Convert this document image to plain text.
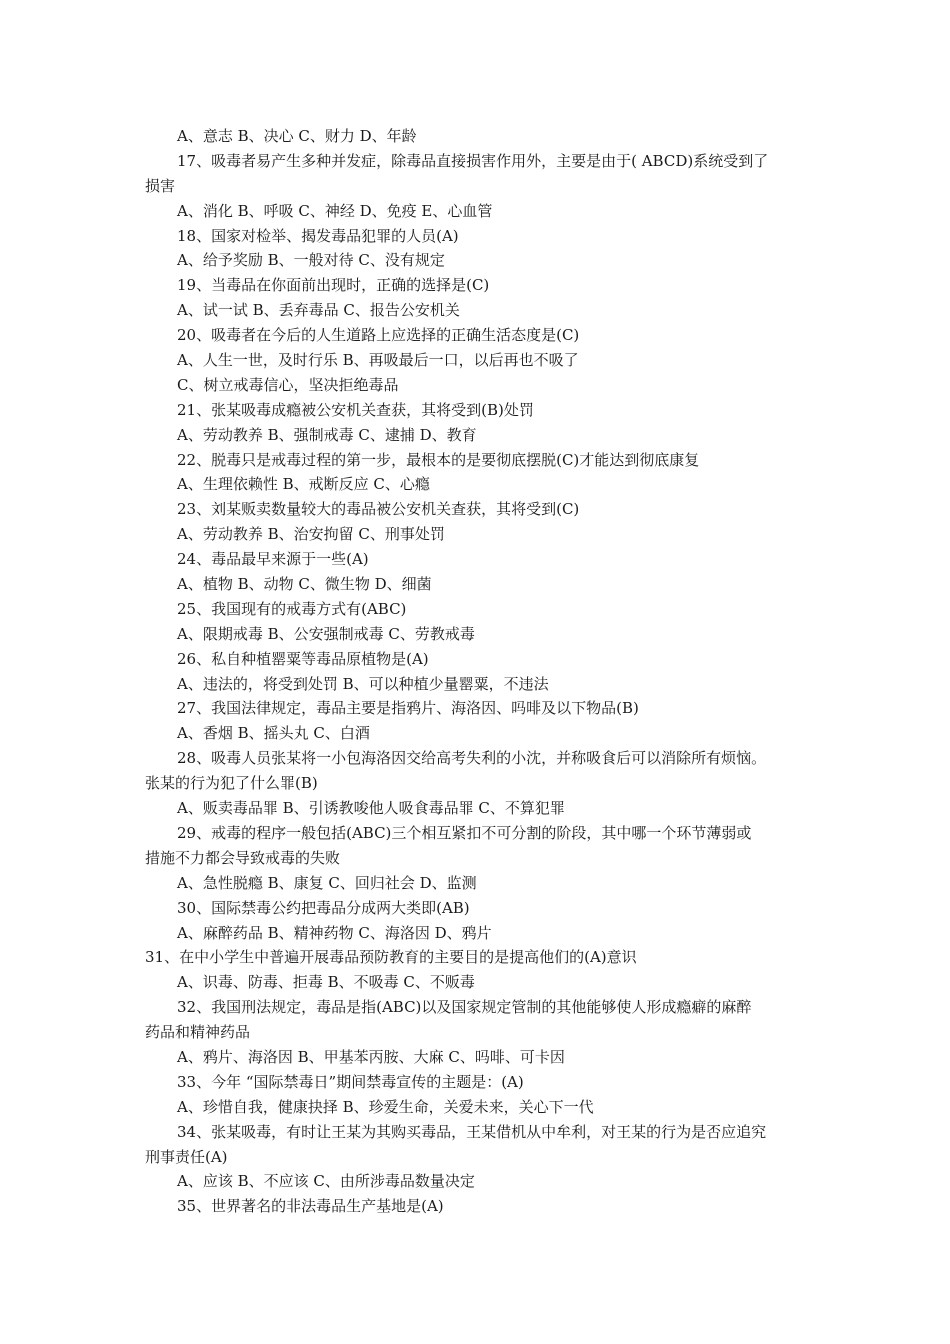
A、意志 B、决心 C、财力 D、年龄
17、吸毒者易产生多种并发症，除毒品直接损害作用外，主要是由于( ABCD)系统受到了
损害
A、消化 B、呼吸 C、神经 D、免疫 E、心血管
18、国家对检举、揭发毒品犯罪的人员(A)
A、给予奖励 B、一般对待 C、没有规定
19、当毒品在你面前出现时，正确的选择是(C)
A、试一试 B、丢弃毒品 C、报告公安机关
20、吸毒者在今后的人生道路上应选择的正确生活态度是(C)
A、人生一世，及时行乐 B、再吸最后一口，以后再也不吸了
C、树立戒毒信心，坚决拒绝毒品
21、张某吸毒成瘾被公安机关查获，其将受到(B)处罚
A、劳动教养 B、强制戒毒 C、逮捕 D、教育
22、脱毒只是戒毒过程的第一步，最根本的是要彻底摆脱(C)才能达到彻底康复
A、生理依赖性 B、戒断反应 C、心瘾
23、刘某贩卖数量较大的毒品被公安机关查获，其将受到(C)
A、劳动教养 B、治安拘留 C、刑事处罚
24、毒品最早来源于一些(A)
A、植物 B、动物 C、微生物 D、细菌
25、我国现有的戒毒方式有(ABC)
A、限期戒毒 B、公安强制戒毒 C、劳教戒毒
26、私自种植罂粟等毒品原植物是(A)
A、违法的，将受到处罚 B、可以种植少量罂粟，不违法
27、我国法律规定，毒品主要是指鸦片、海洛因、吗啡及以下物品(B)
A、香烟 B、摇头丸 C、白酒
28、吸毒人员张某将一小包海洛因交给高考失利的小沈，并称吸食后可以消除所有烦恼。
张某的行为犯了什么罪(B)
A、贩卖毒品罪 B、引诱教唆他人吸食毒品罪 C、不算犯罪
29、戒毒的程序一般包括(ABC)三个相互紧扣不可分割的阶段，其中哪一个环节薄弱或
措施不力都会导致戒毒的失败
A、急性脱瘾 B、康复 C、回归社会 D、监测
30、国际禁毒公约把毒品分成两大类即(AB)
A、麻醉药品 B、精神药物 C、海洛因 D、鸦片
31、在中小学生中普遍开展毒品预防教育的主要目的是提高他们的(A)意识
A、识毒、防毒、拒毒 B、不吸毒 C、不贩毒
32、我国刑法规定，毒品是指(ABC)以及国家规定管制的其他能够使人形成瘾癖的麻醉
药品和精神药品
A、鸦片、海洛因 B、甲基苯丙胺、大麻 C、吗啡、可卡因
33、今年 “国际禁毒日”期间禁毒宣传的主题是：(A)
A、珍惜自我，健康抉择 B、珍爱生命，关爱未来，关心下一代
34、张某吸毒，有时让王某为其购买毒品，王某借机从中牟利，对王某的行为是否应追究
刑事责任(A)
A、应该 B、不应该 C、由所涉毒品数量决定
35、世界著名的非法毒品生产基地是(A)
